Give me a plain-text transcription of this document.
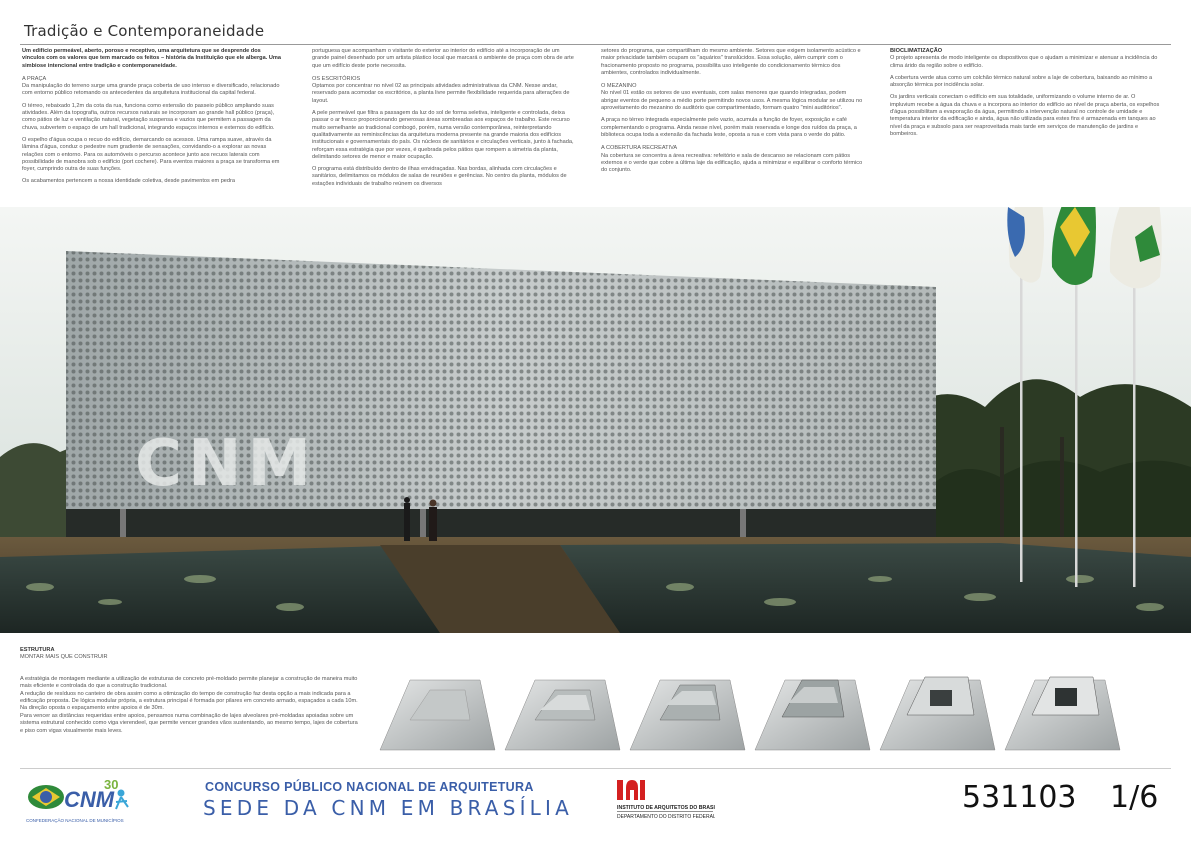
Tradição e Contemporaneidade

Um edifício permeável, aberto, poroso e receptivo, uma arquitetura que se desprende dos vínculos com os valores que tem marcado os feitos – história da Instituição que ele alberga. Uma simbiose intencional entre tradição e contemporaneidade.

A PRAÇA

Da manipulação do terreno surge uma grande praça coberta de uso intenso e diversificado, relacionado com entorno público retomando os antecedentes da arquitetura institucional da capital federal.

O térreo, rebaixado 1,2m da cota da rua, funciona como extensão do passeio público ampliando suas atividades. Além da topografia, outros recursos naturais se incorporam ao grande hall público (praça), como pátios de luz e ventilação natural, vegetação suspensa e vazios que permitem a passagem da chuva, subvertem o espaço de um hall tradicional, integrando espaços internos e externos do edifício.

O espelho d'água ocupa o recuo do edifício, demarcando os acessos. Uma rampa suave, através da lâmina d'água, conduz o pedestre num gradiente de sensações, convidando-o a explorar as novas relações com o entorno. Para os automóveis o percurso acontece junto aos recuos laterais com possibilidade de manobra sob o edifício (port cochere). Para eventos maiores a praça se transforma em foyer, cumprindo outra de suas funções.

Os acabamentos pertencem a nossa identidade coletiva, desde pavimentos em pedra

portuguesa que acompanham o visitante do exterior ao interior do edifício até a incorporação de um grande painel desenhado por um artista plástico local que marcará o ambiente de praça com obra de arte que um edifício deste porte necessita.

OS ESCRITÓRIOS

Optamos por concentrar no nível 02 as principais atividades administrativas da CNM. Nesse andar, reservado para acomodar os escritórios, a planta livre permite flexibilidade requerida para alterações de layout.

A pele permeável que filtra a passagem da luz do sol de forma seletiva, inteligente e controlada, deixa passar o ar fresco proporcionando generosas áreas sombreadas aos espaços de trabalho. Este recurso muito semelhante ao tradicional combogó, porém, numa versão contemporânea, reinterpretando qualitativamente as reminiscências da arquitetura moderna presente na grande maioria dos edifícios institucionais e governamentais do país. Os núcleos de sanitários e circulações verticais, junto à fachada, reforçam essa estratégia que por vezes, é quebrada pelos pátios que rompem a simetria da planta, delimitando setores de menor e maior ocupação.

O programa está distribuído dentro de ilhas envidraçadas. Nas bordas, alinhada com circulações e sanitários, delimitamos os módulos de salas de reuniões e gerências. No centro da planta, módulos de estações individuais de trabalho reúnem os diversos

setores do programa, que compartilham do mesmo ambiente. Setores que exigem isolamento acústico e maior privacidade também ocupam os "aquários" translúcidos. Essa solução, além cumprir com o fracionamento proposto no programa, possibilita uso inteligente do condicionamento térmico dos ambientes, controlados individualmente.

O MEZANINO

No nível 01 estão os setores de uso eventuais, com salas menores que quando integradas, podem abrigar eventos de pequeno a médio porte permitindo novos usos. A mesma lógica modular se utilizou no aproveitamento do mezanino do auditório que compartimentado, formam quatro "mini auditórios".

A praça no térreo integrada especialmente pelo vazio, acumula a função de foyer, exposição e café complementando o programa. Ainda nesse nível, porém mais reservada e longe dos ruídos da praça, a biblioteca ocupa toda a extensão da fachada leste, oposta a rua e com vista para o verde do pátio.

A COBERTURA RECREATIVA

Na cobertura se concentra a área recreativa: refeitório e sala de descanso se relacionam com pátios externos e o verde que cobre a última laje da edificação, ajuda a minimizar e equilibrar o conforto térmico do conjunto.

BIOCLIMATIZAÇÃO

O projeto apresenta de modo inteligente os dispositivos que o ajudam a minimizar e atenuar a incidência do clima árido da região sobre o edifício.

A cobertura verde atua como um colchão térmico natural sobre a laje de cobertura, baixando ao mínimo a absorção térmica por incidência solar.

Os jardins verticais conectam o edifício em sua totalidade, uniformizando o volume interno de ar. O impluvium recebe a água da chuva e a incorpora ao interior do edifício ao nível de praça aberta, os espelhos d'água possibilitam a evaporação da água, permitindo a intervenção natural no controle de umidade e temperatura interior da edificação e ainda, água não utilizada para estes fins é armazenada em tanques ao nível da praça e subsolo para ser reaproveitada mais tarde em serviços de manutenção de jardins e bombeiros.

CNM

ESTRUTURA

MONTAR MAIS QUE CONSTRUIR

A estratégia de montagem mediante a utilização de estruturas de concreto pré-moldado permite planejar a construção de maneira muito mais eficiente e controlada do que a construção tradicional.

A redução de resíduos no canteiro de obra assim como a otimização do tempo de construção faz desta opção a mais indicada para a edificação proposta. De lógica modular própria, a estrutura principal é formada por pilares em concreto armado, espaçados a cada 10m. Na direção oposta o espaçamento entre apoios é de 30m.

Para vencer as distâncias requeridas entre apoios, pensamos numa combinação de lajes alveolares pré-moldadas apoiadas sobre um sistema estrutural conhecido como viga vierendeel, que permite vencer grandes vãos sustentando, ao mesmo tempo, lajes de cobertura e piso com vigas visualmente mais leves.

CNM
30
CONFEDERAÇÃO NACIONAL DE MUNICÍPIOS
CONCURSO PÚBLICO NACIONAL DE ARQUITETURA
SEDE DA CNM EM BRASÍLIA	INSTITUTO DE ARQUITETOS DO BRASIL
DEPARTAMENTO DO DISTRITO FEDERAL
531103 1/6
